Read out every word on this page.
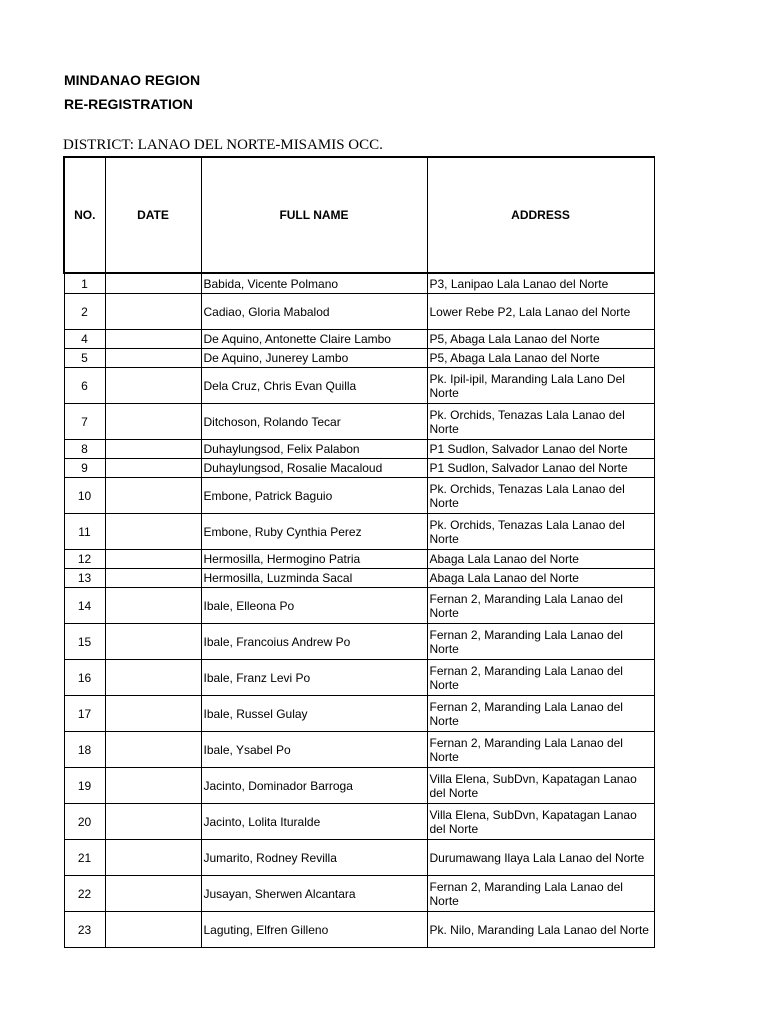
MINDANAO REGION
RE-REGISTRATION
DISTRICT: LANAO DEL NORTE-MISAMIS OCC.
NO.	DATE	FULL NAME	ADDRESS
1		Babida, Vicente Polmano	P3, Lanipao Lala Lanao del Norte
2		Cadiao, Gloria Mabalod	Lower Rebe P2, Lala Lanao del Norte
4		De Aquino, Antonette Claire Lambo	P5, Abaga Lala Lanao del Norte
5		De Aquino, Junerey Lambo	P5, Abaga Lala Lanao del Norte
6		Dela Cruz, Chris Evan Quilla	Pk. Ipil-ipil, Maranding Lala Lano Del Norte
7		Ditchoson, Rolando Tecar	Pk. Orchids, Tenazas Lala Lanao del Norte
8		Duhaylungsod, Felix Palabon	P1 Sudlon, Salvador Lanao del Norte
9		Duhaylungsod, Rosalie Macaloud	P1 Sudlon, Salvador Lanao del Norte
10		Embone, Patrick Baguio	Pk. Orchids, Tenazas Lala Lanao del Norte
11		Embone, Ruby Cynthia Perez	Pk. Orchids, Tenazas Lala Lanao del Norte
12		Hermosilla, Hermogino Patria	Abaga Lala Lanao del Norte
13		Hermosilla, Luzminda Sacal	Abaga Lala Lanao del Norte
14		Ibale, Elleona Po	Fernan 2, Maranding Lala Lanao del Norte
15		Ibale, Francoius Andrew Po	Fernan 2, Maranding Lala Lanao del Norte
16		Ibale, Franz Levi Po	Fernan 2, Maranding Lala Lanao del Norte
17		Ibale, Russel Gulay	Fernan 2, Maranding Lala Lanao del Norte
18		Ibale, Ysabel Po	Fernan 2, Maranding Lala Lanao del Norte
19		Jacinto, Dominador Barroga	Villa Elena, SubDvn, Kapatagan Lanao del Norte
20		Jacinto, Lolita Ituralde	Villa Elena, SubDvn, Kapatagan Lanao del Norte
21		Jumarito, Rodney Revilla	Durumawang Ilaya Lala Lanao del Norte
22		Jusayan, Sherwen Alcantara	Fernan 2, Maranding Lala Lanao del Norte
23		Laguting, Elfren Gilleno	Pk. Nilo, Maranding Lala Lanao del Norte
